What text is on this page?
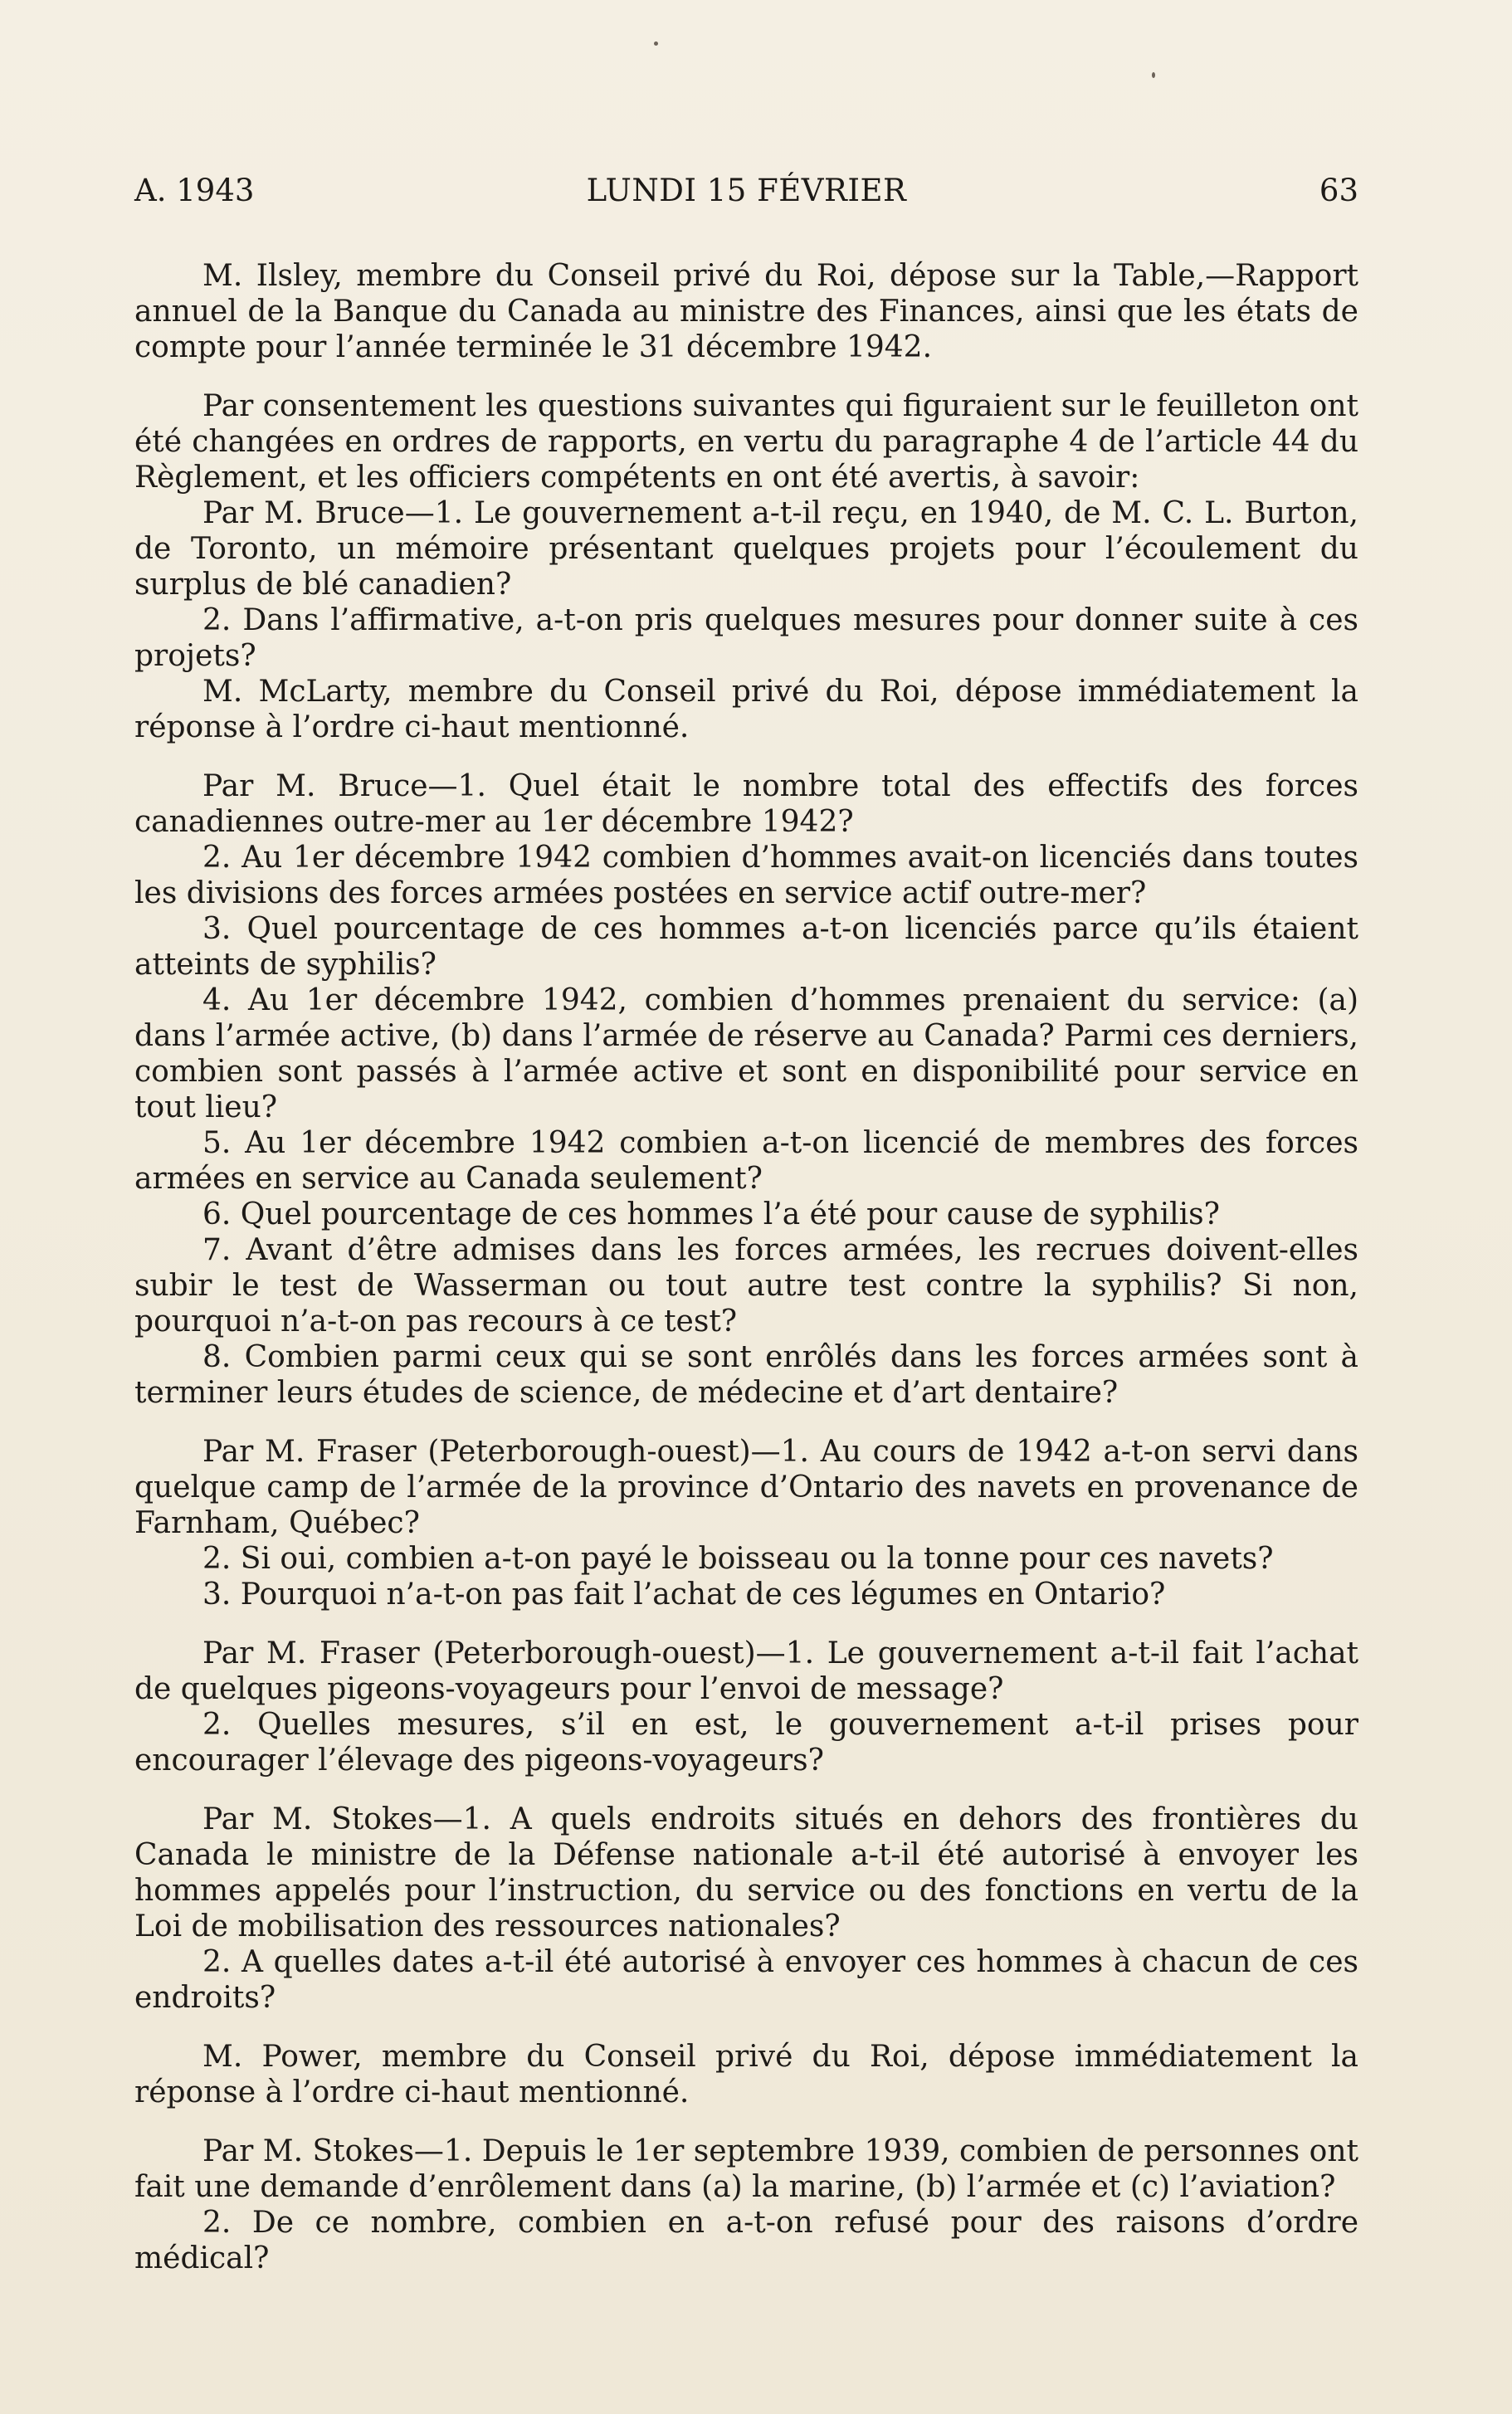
A. 1943	LUNDI 15 FÉVRIER	63

M. Ilsley, membre du Conseil privé du Roi, dépose sur la Table,—Rapport annuel de la Banque du Canada au ministre des Finances, ainsi que les états de compte pour l’année terminée le 31 décembre 1942.

Par consentement les questions suivantes qui figuraient sur le feuilleton ont été changées en ordres de rapports, en vertu du paragraphe 4 de l’article 44 du Règlement, et les officiers compétents en ont été avertis, à savoir:

Par M. Bruce—1. Le gouvernement a-t-il reçu, en 1940, de M. C. L. Burton, de Toronto, un mémoire présentant quelques projets pour l’écoulement du surplus de blé canadien?

2. Dans l’affirmative, a-t-on pris quelques mesures pour donner suite à ces projets?

M. McLarty, membre du Conseil privé du Roi, dépose immédiatement la réponse à l’ordre ci-haut mentionné.

Par M. Bruce—1. Quel était le nombre total des effectifs des forces canadiennes outre-mer au 1er décembre 1942?

2. Au 1er décembre 1942 combien d’hommes avait-on licenciés dans toutes les divisions des forces armées postées en service actif outre-mer?

3. Quel pourcentage de ces hommes a-t-on licenciés parce qu’ils étaient atteints de syphilis?

4. Au 1er décembre 1942, combien d’hommes prenaient du service: (a) dans l’armée active, (b) dans l’armée de réserve au Canada? Parmi ces derniers, combien sont passés à l’armée active et sont en disponibilité pour service en tout lieu?

5. Au 1er décembre 1942 combien a-t-on licencié de membres des forces armées en service au Canada seulement?

6. Quel pourcentage de ces hommes l’a été pour cause de syphilis?

7. Avant d’être admises dans les forces armées, les recrues doivent-elles subir le test de Wasserman ou tout autre test contre la syphilis? Si non, pourquoi n’a-t-on pas recours à ce test?

8. Combien parmi ceux qui se sont enrôlés dans les forces armées sont à terminer leurs études de science, de médecine et d’art dentaire?

Par M. Fraser (Peterborough-ouest)—1. Au cours de 1942 a-t-on servi dans quelque camp de l’armée de la province d’Ontario des navets en provenance de Farnham, Québec?

2. Si oui, combien a-t-on payé le boisseau ou la tonne pour ces navets?

3. Pourquoi n’a-t-on pas fait l’achat de ces légumes en Ontario?

Par M. Fraser (Peterborough-ouest)—1. Le gouvernement a-t-il fait l’achat de quelques pigeons-voyageurs pour l’envoi de message?

2. Quelles mesures, s’il en est, le gouvernement a-t-il prises pour encourager l’élevage des pigeons-voyageurs?

Par M. Stokes—1. A quels endroits situés en dehors des frontières du Canada le ministre de la Défense nationale a-t-il été autorisé à envoyer les hommes appelés pour l’instruction, du service ou des fonctions en vertu de la Loi de mobilisation des ressources nationales?

2. A quelles dates a-t-il été autorisé à envoyer ces hommes à chacun de ces endroits?

M. Power, membre du Conseil privé du Roi, dépose immédiatement la réponse à l’ordre ci-haut mentionné.

Par M. Stokes—1. Depuis le 1er septembre 1939, combien de personnes ont fait une demande d’enrôlement dans (a) la marine, (b) l’armée et (c) l’aviation?

2. De ce nombre, combien en a-t-on refusé pour des raisons d’ordre médical?
